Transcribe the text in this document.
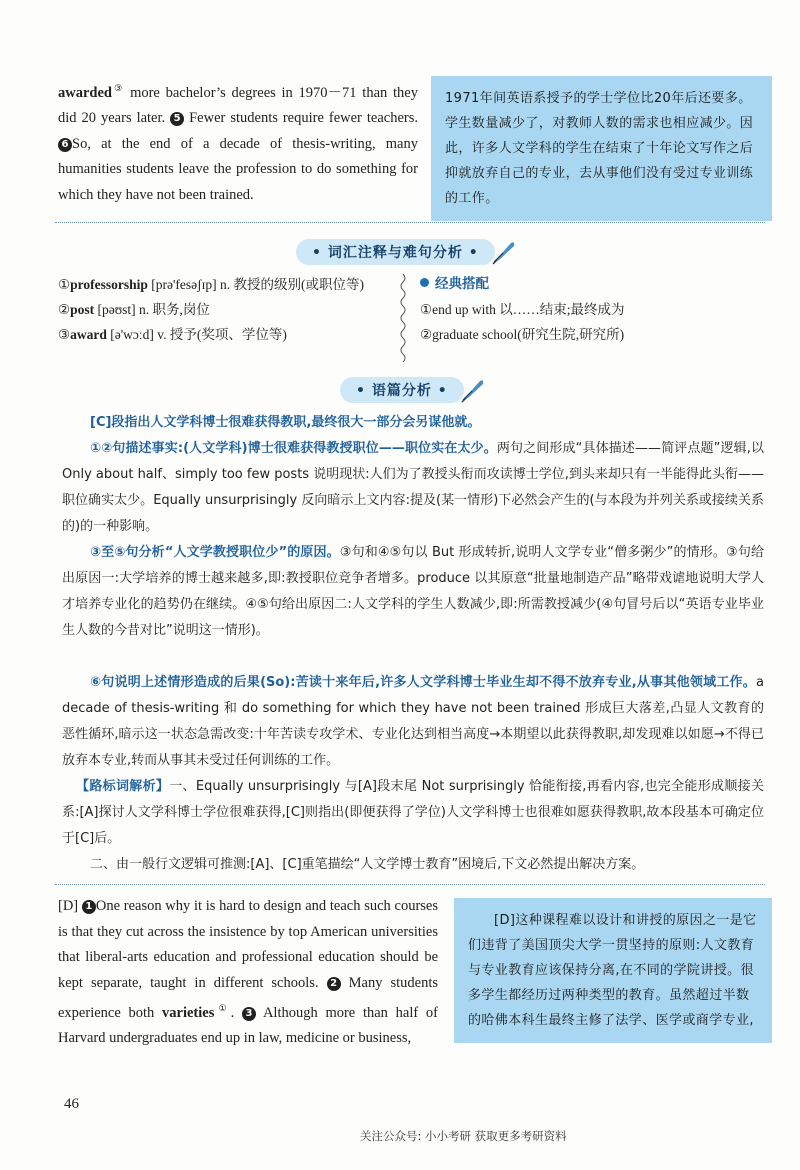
awarded③ more bachelor’s degrees in 1970－71 than they did 20 years later. 5 Fewer students require fewer teachers. 6 So, at the end of a decade of thesis-writing, many humanities students leave the profession to do something for which they have not been trained.
1971年间英语系授予的学士学位比20年后还要多。学生数量减少了，对教师人数的需求也相应减少。因此，许多人文学科的学生在结束了十年论文写作之后抑就放弃自己的专业，去从事他们没有受过专业训练的工作。
• 词汇注释与难句分析 •
①professorship [prə'fesəʃɪp] n. 教授的级别(或职位等)
②post [pəʊst] n. 职务,岗位
③award [ə'wɔːd] v. 授予(奖项、学位等)
经典搭配
①end up with 以……结束;最终成为
②graduate school(研究生院,研究所)
• 语篇分析 •
[C]段指出人文学科博士很难获得教职,最终很大一部分会另谋他就。
①②句描述事实:(人文学科)博士很难获得教授职位——职位实在太少。两句之间形成“具体描述——简评点题”逻辑,以 Only about half、simply too few posts 说明现状:人们为了教授头衔而攻读博士学位,到头来却只有一半能得此头衔——职位确实太少。Equally unsurprisingly 反向暗示上文内容:提及(某一情形)下必然会产生的(与本段为并列关系或接续关系的)的一种影响。
③至⑤句分析“人文学教授职位少”的原因。③句和④⑤句以 But 形成转折,说明人文学专业“僧多粥少”的情形。③句给出原因一:大学培养的博士越来越多,即:教授职位竞争者增多。produce 以其原意“批量地制造产品”略带戏谑地说明大学人才培养专业化的趋势仍在继续。④⑤句给出原因二:人文学科的学生人数减少,即:所需教授减少(④句冒号后以“英语专业毕业生人数的今昔对比”说明这一情形)。
⑥句说明上述情形造成的后果(So):苦读十来年后,许多人文学科博士毕业生却不得不放弃专业,从事其他领域工作。a decade of thesis-writing 和 do something for which they have not been trained 形成巨大落差,凸显人文教育的恶性循环,暗示这一状态急需改变:十年苦读专攻学术、专业化达到相当高度→本期望以此获得教职,却发现难以如愿→不得已放弃本专业,转而从事其未受过任何训练的工作。
【路标词解析】一、Equally unsurprisingly 与[A]段末尾 Not surprisingly 恰能衔接,再看内容,也完全能形成顺接关系:[A]探讨人文学科博士学位很难获得,[C]则指出(即便获得了学位)人文学科博士也很难如愿获得教职,故本段基本可确定位于[C]后。
二、由一般行文逻辑可推测:[A]、[C]重笔描绘“人文学博士教育”困境后,下文必然提出解决方案。
[D] 1 One reason why it is hard to design and teach such courses is that they cut across the insistence by top American universities that liberal-arts education and professional education should be kept separate, taught in different schools. 2 Many students experience both varieties①. 3 Although more than half of Harvard undergraduates end up in law, medicine or business,
[D]这种课程难以设计和讲授的原因之一是它们违背了美国顶尖大学一贯坚持的原则:人文教育与专业教育应该保持分离,在不同的学院讲授。很多学生都经历过两种类型的教育。虽然超过半数的哈佛本科生最终主修了法学、医学或商学专业,
46
关注公众号: 小小考研 获取更多考研资料
